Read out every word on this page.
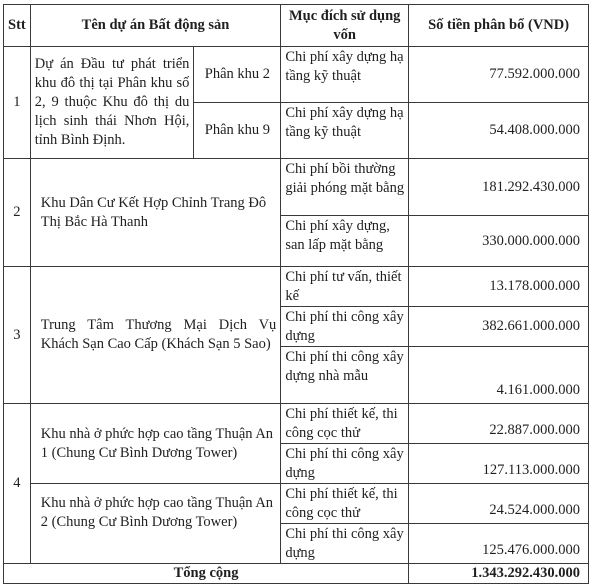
Stt	Tên dự án Bất động sản		Mục đích sử dụng vốn	Số tiền phân bổ (VND)
1	Dự án Đầu tư phát triển khu đô thị tại Phân khu số 2, 9 thuộc Khu đô thị du lịch sinh thái Nhơn Hội, tỉnh Bình Định.	Phân khu 2	Chi phí xây dựng hạ tầng kỹ thuật	77.592.000.000
		Phân khu 9	Chi phí xây dựng hạ tầng kỹ thuật	54.408.000.000
2	Khu Dân Cư Kết Hợp Chỉnh Trang Đô Thị Bắc Hà Thanh		Chi phí bồi thường giải phóng mặt bằng	181.292.430.000
			Chi phí xây dựng, san lấp mặt bằng	330.000.000.000
3	Trung Tâm Thương Mại Dịch Vụ Khách Sạn Cao Cấp (Khách Sạn 5 Sao)		Chi phí tư vấn, thiết kế	13.178.000.000
			Chi phí thi công xây dựng	382.661.000.000
			Chi phí thi công xây dựng nhà mẫu	4.161.000.000
4	Khu nhà ở phức hợp cao tầng Thuận An 1 (Chung Cư Bình Dương Tower)		Chi phí thiết kế, thi công cọc thử	22.887.000.000
			Chi phí thi công xây dựng	127.113.000.000
	Khu nhà ở phức hợp cao tầng Thuận An 2 (Chung Cư Bình Dương Tower)		Chi phí thiết kế, thi công cọc thử	24.524.000.000
			Chi phí thi công xây dựng	125.476.000.000
Tổng cộng				1.343.292.430.000
